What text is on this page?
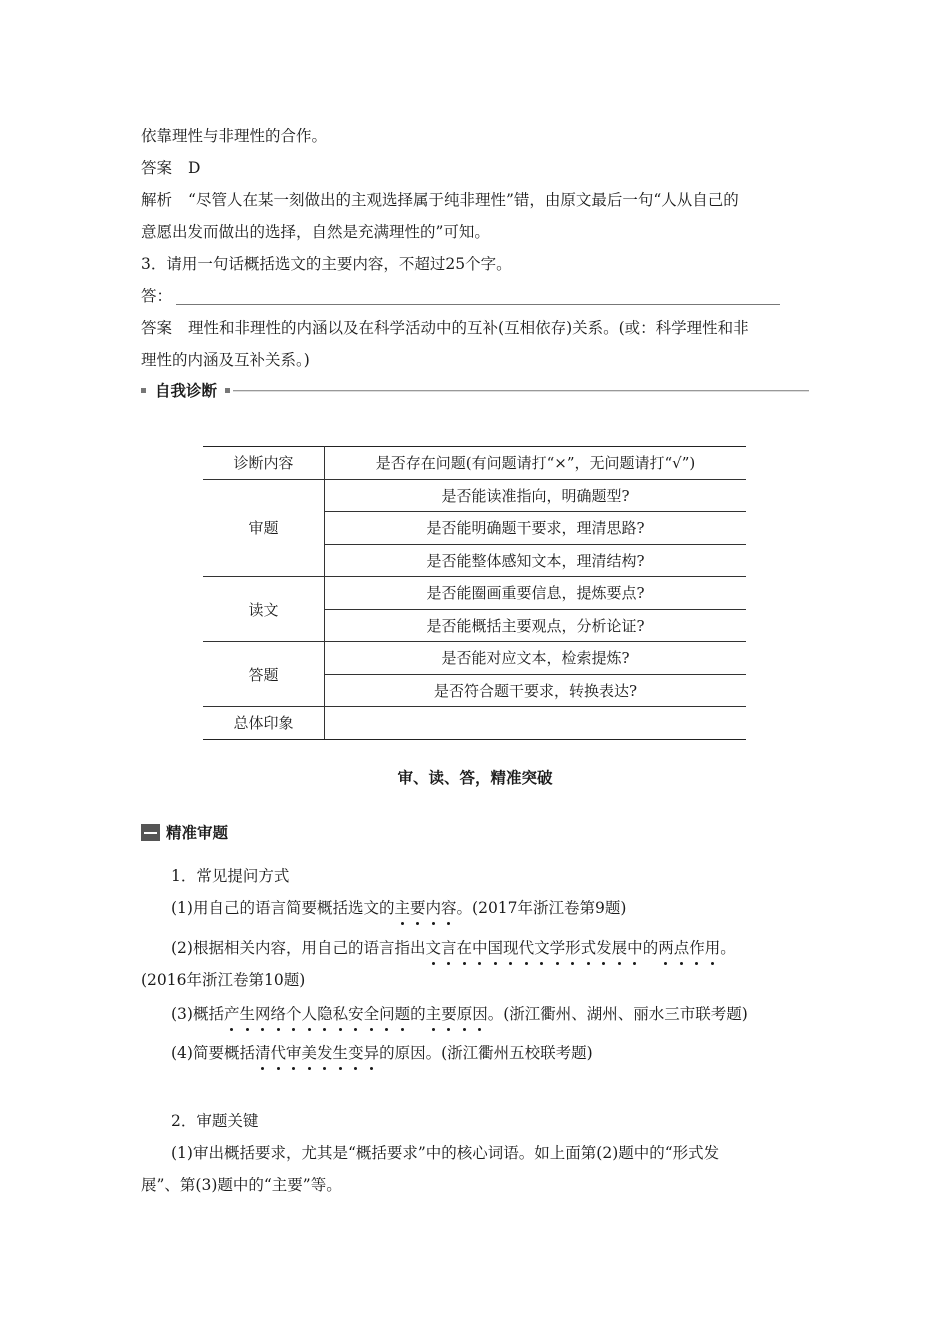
依靠理性与非理性的合作。
答案 D
解析 “尽管人在某一刻做出的主观选择属于纯非理性”错，由原文最后一句“人从自己的
意愿出发而做出的选择，自然是充满理性的”可知。
3．请用一句话概括选文的主要内容，不超过25个字。
答：
答案 理性和非理性的内涵以及在科学活动中的互补(互相依存)关系。(或：科学理性和非
理性的内涵及互补关系。)
自我诊断
诊断内容	是否存在问题(有问题请打“×”，无问题请打“√”)
审题	是否能读准指向，明确题型?
	是否能明确题干要求，理清思路?
	是否能整体感知文本，理清结构?
读文	是否能圈画重要信息，提炼要点?
	是否能概括主要观点，分析论证?
答题	是否能对应文本，检索提炼?
	是否符合题干要求，转换表达?
总体印象	
审、读、答，精准突破
精准审题
1．常见提问方式
(1)用自己的语言简要概括选文的主要内容。(2017年浙江卷第9题)
(2)根据相关内容，用自己的语言指出文言在中国现代文学形式发展中的两点作用。
(2016年浙江卷第10题)
(3)概括产生网络个人隐私安全问题的主要原因。(浙江衢州、湖州、丽水三市联考题)
(4)简要概括清代审美发生变异的原因。(浙江衢州五校联考题)
2．审题关键
(1)审出概括要求，尤其是“概括要求”中的核心词语。如上面第(2)题中的“形式发
展”、第(3)题中的“主要”等。
